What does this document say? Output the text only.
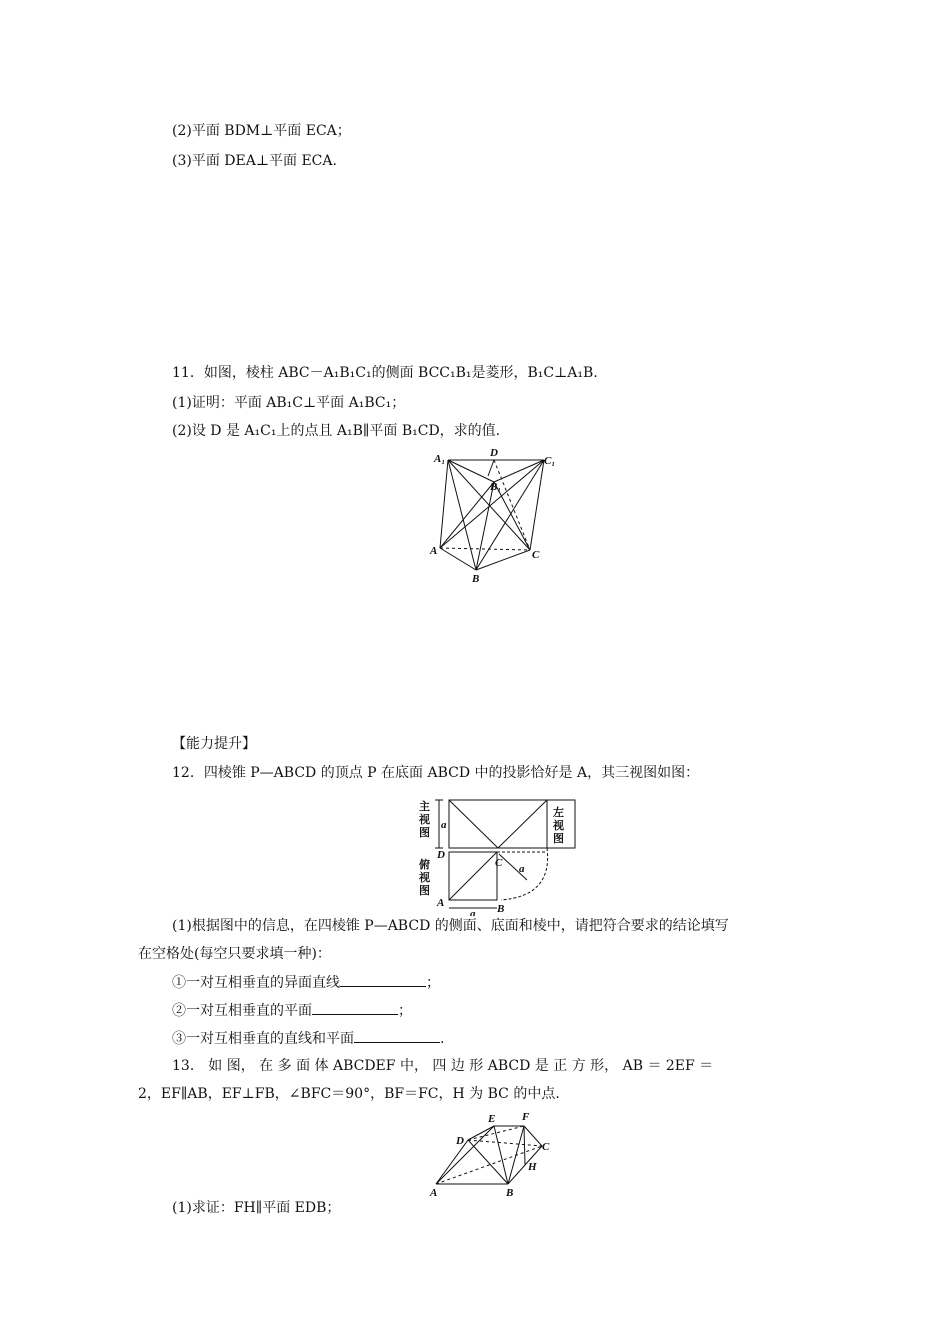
(2)平面 BDM⊥平面 ECA；
(3)平面 DEA⊥平面 ECA.
11．如图，棱柱 ABC－A₁B₁C₁的侧面 BCC₁B₁是菱形，B₁C⊥A₁B.
(1)证明：平面 AB₁C⊥平面 A₁BC₁；
(2)设 D 是 A₁C₁上的点且 A₁B∥平面 B₁CD，求的值.
A₁	D
C₁
B₁
A	C
B
【能力提升】
12．四棱锥 P—ABCD 的顶点 P 在底面 ABCD 中的投影恰好是 A，其三视图如图：
主
视
图
左
视
图
俯
视
图
a
a
a
D
C
A	B
(1)根据图中的信息，在四棱锥 P—ABCD 的侧面、底面和棱中，请把符合要求的结论填写
在空格处(每空只要求填一种)：
①一对互相垂直的异面直线	；
②一对互相垂直的平面	；
③一对互相垂直的直线和平面	.
13． 如 图， 在 多 面 体 ABCDEF 中， 四 边 形 ABCD 是 正 方 形， AB ＝ 2EF ＝
2，EF∥AB，EF⊥FB，∠BFC＝90°，BF＝FC，H 为 BC 的中点.
E F
D	C
H
A	B
(1)求证：FH∥平面 EDB；
